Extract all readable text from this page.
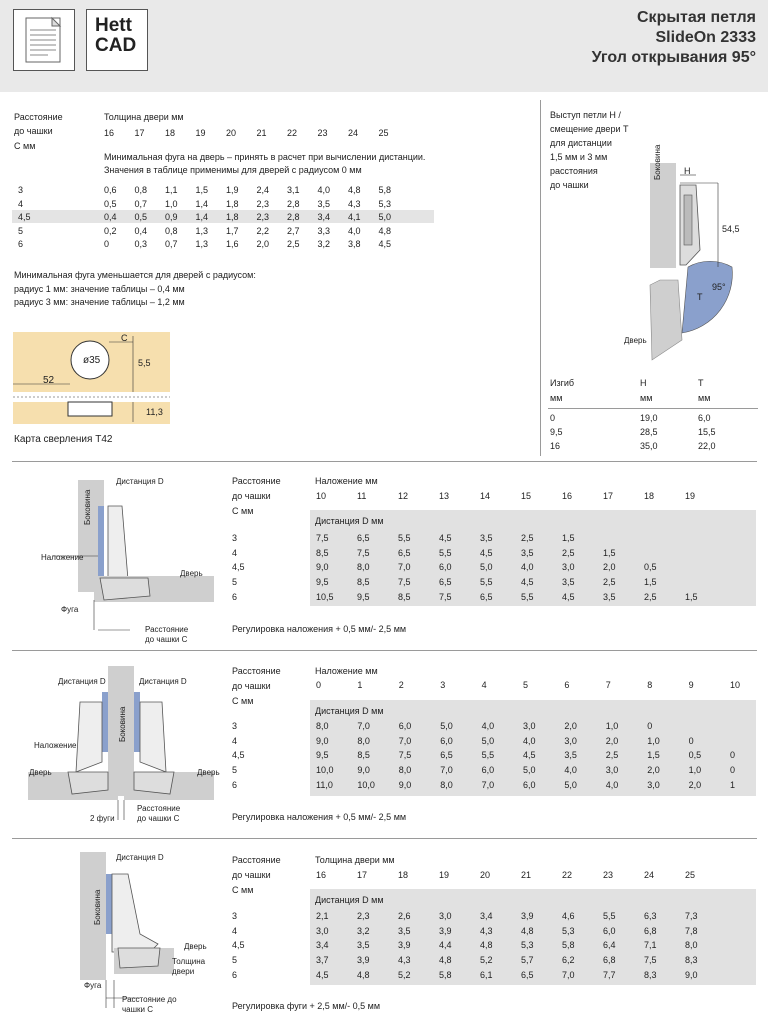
Hett
CAD
Скрытая петля
SlideOn 2333
Угол открывания 95°
Расстояние
до чашки
С мм
Толщина двери мм
16 17 18 19 20 21 22 23 24 25
Минимальная фуга на дверь – принять в расчет при вычислении дистанции.
Значения в таблице применимы для дверей с радиусом 0 мм
3	0,6 0,8 1,1 1,5 1,9 2,4 3,1 4,0 4,8 5,8
4	0,5 0,7 1,0 1,4 1,8 2,3 2,8 3,5 4,3 5,3
4,5	0,4 0,5 0,9 1,4 1,8 2,3 2,8 3,4 4,1 5,0
5	0,2 0,4 0,8 1,3 1,7 2,2 2,7 3,3 4,0 4,8
6	0	0,3 0,7 1,3 1,6 2,0 2,5 3,2 3,8 4,5
Минимальная фуга уменьшается для дверей с радиусом:
радиус 1 мм: значение таблицы – 0,4 мм
радиус 3 мм: значение таблицы – 1,2 мм
ø35
C
5,5
52
11,3
Карта сверления Т42
Выступ петли Н /
смещение двери Т
для дистанции
1,5 мм и 3 мм
расстояния
до чашки
Боковина H
T
54,5
95°
Дверь
Изгиб	H	T
мм	мм	мм
0	19,0	6,0
9,5	28,5	15,5
16	35,0	22,0
Дистанция D
Боковина
Наложение
Дверь
Фуга
Расстояние
до чашки С
Расстояние
до чашки
С мм
Наложение мм
Дистанция D мм
10	11	12	13	14	15	16	17	18	19
3	7,5	6,5	5,5	4,5	3,5	2,5	1,5
4	8,5	7,5	6,5	5,5	4,5	3,5	2,5	1,5
4,5	9,0	8,0	7,0	6,0	5,0	4,0	3,0	2,0	0,5
5	9,5	8,5	7,5	6,5	5,5	4,5	3,5	2,5	1,5
6	10,5	9,5	8,5	7,5	6,5	5,5	4,5	3,5	2,5	1,5
Регулировка наложения + 0,5 мм/- 2,5 мм
Дистанция D	Дистанция D
Боковина
Наложение
Дверь	Дверь
2 фуги
Расстояние
до чашки С
Расстояние
до чашки
С мм
Наложение мм
Дистанция D мм
0	1	2	3	4	5	6	7	8	9	10
3	8,0	7,0	6,0	5,0	4,0	3,0	2,0	1,0	0
4	9,0	8,0	7,0	6,0	5,0	4,0	3,0	2,0	1,0	0
4,5	9,5	8,5	7,5	6,5	5,5	4,5	3,5	2,5	1,5	0,5	0
5	10,0	9,0	8,0	7,0	6,0	5,0	4,0	3,0	2,0	1,0	0
6	11,0	10,0	9,0	8,0	7,0	6,0	5,0	4,0	3,0	2,0	1
Регулировка наложения + 0,5 мм/- 2,5 мм
Дистанция D
Боковина
Дверь
Толщина
двери
Фуга
Расстояние до
чашки С
Расстояние
до чашки
С мм
Толщина двери мм
Дистанция D мм
16	17	18	19	20	21	22	23	24	25
3	2,1	2,3	2,6	3,0	3,4	3,9	4,6	5,5	6,3	7,3
4	3,0	3,2	3,5	3,9	4,3	4,8	5,3	6,0	6,8	7,8
4,5	3,4	3,5	3,9	4,4	4,8	5,3	5,8	6,4	7,1	8,0
5	3,7	3,9	4,3	4,8	5,2	5,7	6,2	6,8	7,5	8,3
6	4,5	4,8	5,2	5,8	6,1	6,5	7,0	7,7	8,3	9,0
Регулировка фуги + 2,5 мм/- 0,5 мм
